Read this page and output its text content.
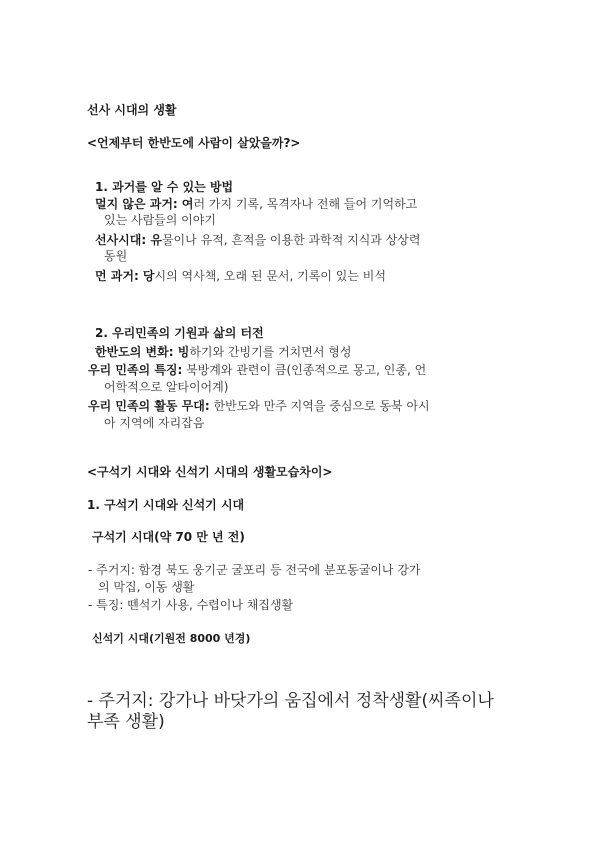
선사 시대의 생활
<언제부터 한반도에 사람이 살았을까?>
1. 과거를 알 수 있는 방법
멀지 않은 과거: 여러 가지 기록, 목격자나 전해 들어 기억하고
있는 사람들의 이야기
선사시대: 유물이나 유적, 흔적을 이용한 과학적 지식과 상상력
동원
먼 과거: 당시의 역사책, 오래 된 문서, 기록이 있는 비석
2. 우리민족의 기원과 삶의 터전
한반도의 변화: 빙하기와 간빙기를 거치면서 형성
우리 민족의 특징: 북방계와 관련이 큼(인종적으로 몽고, 인종, 언
어학적으로 알타이어계)
우리 민족의 활동 무대: 한반도와 만주 지역을 중심으로 동북 아시
아 지역에 자리잡음
<구석기 시대와 신석기 시대의 생활모습차이>
1. 구석기 시대와 신석기 시대
구석기 시대(약 70 만 년 전)
- 주거지: 함경 북도 웅기군 굴포리 등 전국에 분포동굴이나 강가
의 막집, 이동 생활
- 특징: 뗀석기 사용, 수렵이나 채집생활
신석기 시대(기원전 8000 년경)
- 주거지: 강가나 바닷가의 움집에서 정착생활(씨족이나
부족 생활)
